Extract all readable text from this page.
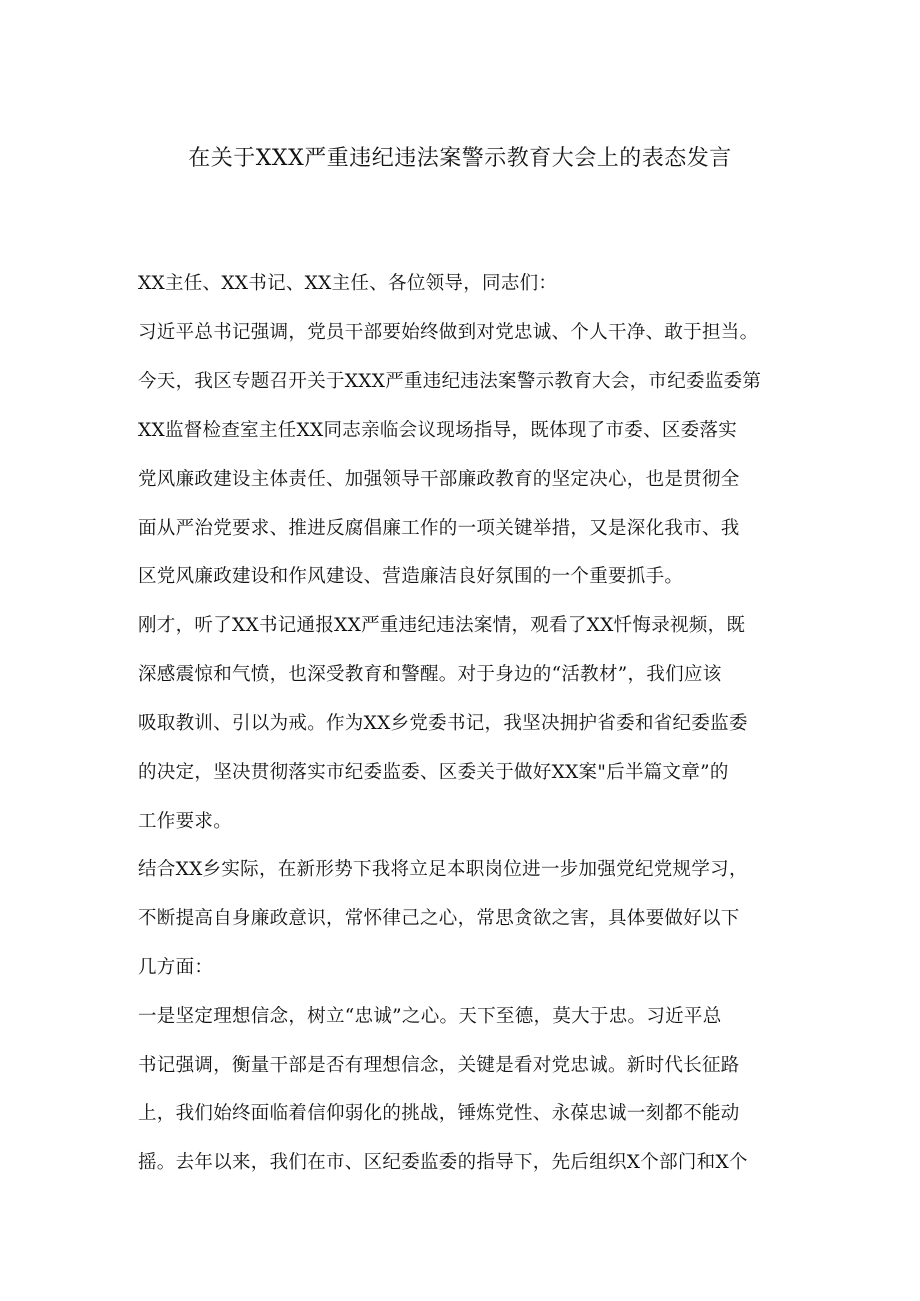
在关于XXX严重违纪违法案警示教育大会上的表态发言
XX主任、XX书记、XX主任、各位领导，同志们：
习近平总书记强调，党员干部要始终做到对党忠诚、个人干净、敢于担当。
今天，我区专题召开关于XXX严重违纪违法案警示教育大会，市纪委监委第
XX监督检查室主任XX同志亲临会议现场指导，既体现了市委、区委落实
党风廉政建设主体责任、加强领导干部廉政教育的坚定决心，也是贯彻全
面从严治党要求、推进反腐倡廉工作的一项关键举措，又是深化我市、我
区党风廉政建设和作风建设、营造廉洁良好氛围的一个重要抓手。
刚才，听了XX书记通报XX严重违纪违法案情，观看了XX忏悔录视频，既
深感震惊和气愤，也深受教育和警醒。对于身边的“活教材”，我们应该
吸取教训、引以为戒。作为XX乡党委书记，我坚决拥护省委和省纪委监委
的决定，坚决贯彻落实市纪委监委、区委关于做好XX案"后半篇文章”的
工作要求。
结合XX乡实际，在新形势下我将立足本职岗位进一步加强党纪党规学习，
不断提高自身廉政意识，常怀律己之心，常思贪欲之害，具体要做好以下
几方面：
一是坚定理想信念，树立“忠诚”之心。天下至德，莫大于忠。习近平总
书记强调，衡量干部是否有理想信念，关键是看对党忠诚。新时代长征路
上，我们始终面临着信仰弱化的挑战，锤炼党性、永葆忠诚一刻都不能动
摇。去年以来，我们在市、区纪委监委的指导下，先后组织X个部门和X个
